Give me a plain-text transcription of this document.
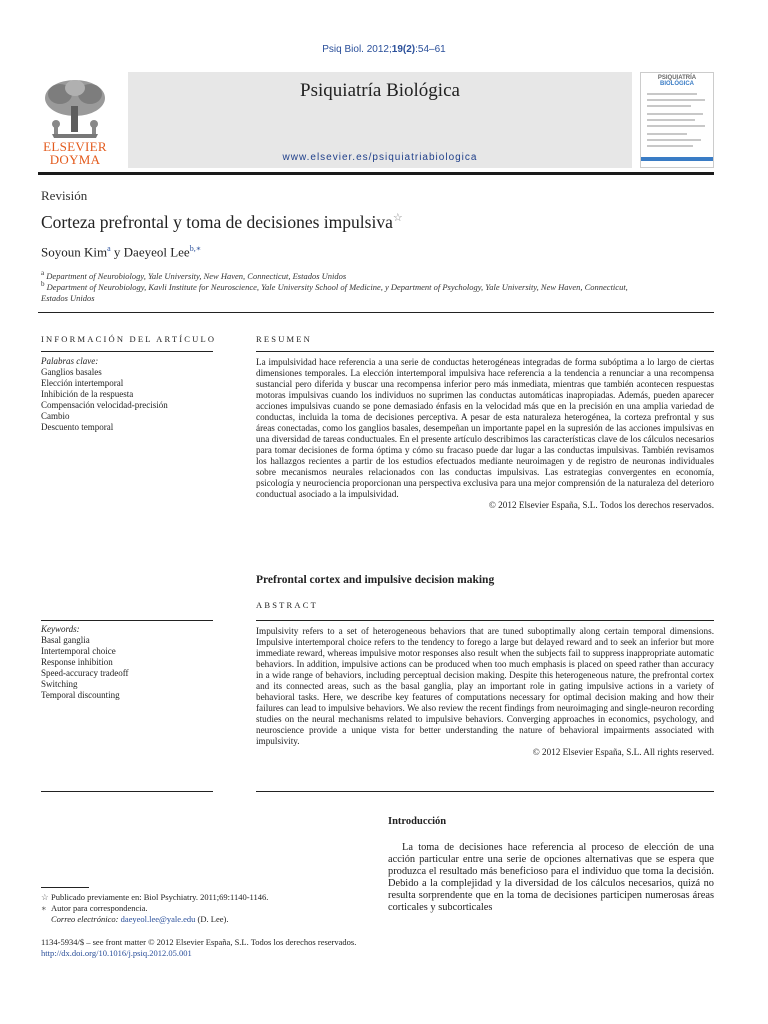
Psiq Biol. 2012;19(2):54–61
ELSEVIER
DOYMA
Psiquiatría Biológica
www.elsevier.es/psiquiatriabiologica
PSIQUIATRÍA
BIOLÓGICA
Revisión
Corteza prefrontal y toma de decisiones impulsiva☆
Soyoun Kim$^a$ y Daeyeol Lee$^{b,∗}$
$^a$ Department of Neurobiology, Yale University, New Haven, Connecticut, Estados Unidos
$^b$ Department of Neurobiology, Kavli Institute for Neuroscience, Yale University School of Medicine, y Department of Psychology, Yale University, New Haven, Connecticut, Estados Unidos
INFORMACIÓN DEL ARTÍCULO	RESUMEN
Palabras clave:
Ganglios basales
Elección intertemporal
Inhibición de la respuesta
Compensación velocidad-precisión
Cambio
Descuento temporal
La impulsividad hace referencia a una serie de conductas heterogéneas integradas de forma subóptima a lo largo de ciertas dimensiones temporales. La elección intertemporal impulsiva hace referencia a la tendencia a renunciar a una recompensa sustancial pero diferida y buscar una recompensa inferior pero más inmediata, mientras que también acontecen respuestas motoras impulsivas cuando los individuos no suprimen las conductas automáticas inapropiadas. Además, pueden aparecer acciones impulsivas cuando se pone demasiado énfasis en la velocidad más que en la precisión en una amplia variedad de conductas, incluida la toma de decisiones perceptiva. A pesar de esta naturaleza heterogénea, la corteza prefrontal y sus áreas conectadas, como los ganglios basales, desempeñan un importante papel en la supresión de las acciones impulsivas en una diversidad de tareas conductuales. En el presente artículo describimos las características clave de los cálculos necesarios para tomar decisiones de forma óptima y cómo su fracaso puede dar lugar a las conductas impulsivas. También revisamos los hallazgos recientes a partir de los estudios efectuados mediante neuroimagen y de registro de neuronas individuales sobre mecanismos neurales relacionados con las conductas impulsivas. Las estrategias convergentes en economía, psicología y neurociencia proporcionan una perspectiva exclusiva para una mejor comprensión de la naturaleza del deterioro conductual asociado a la impulsividad.
© 2012 Elsevier España, S.L. Todos los derechos reservados.
Prefrontal cortex and impulsive decision making
ABSTRACT
Keywords:
Basal ganglia
Intertemporal choice
Response inhibition
Speed-accuracy tradeoff
Switching
Temporal discounting
Impulsivity refers to a set of heterogeneous behaviors that are tuned suboptimally along certain temporal dimensions. Impulsive intertemporal choice refers to the tendency to forego a large but delayed reward and to seek an inferior but more immediate reward, whereas impulsive motor responses also result when the subjects fail to suppress inappropriate automatic behaviors. In addition, impulsive actions can be produced when too much emphasis is placed on speed rather than accuracy in a wide range of behaviors, including perceptual decision making. Despite this heterogeneous nature, the prefrontal cortex and its connected areas, such as the basal ganglia, play an important role in gating impulsive actions in a variety of behavioral tasks. Here, we describe key features of computations necessary for optimal decision making and how their failures can lead to impulsive behaviors. We also review the recent findings from neuroimaging and single-neuron recording studies on the neural mechanisms related to impulsive behaviors. Converging approaches in economics, psychology, and neuroscience provide a unique vista for better understanding the nature of behavioral impairments associated with impulsivity.
© 2012 Elsevier España, S.L. All rights reserved.
Introducción
La toma de decisiones hace referencia al proceso de elección de una acción particular entre una serie de opciones alternativas que se espera que produzca el resultado más beneficioso para el individuo que toma la decisión. Debido a la complejidad y la diversidad de los cálculos necesarios, quizá no resulta sorprendente que en la toma de decisiones participen numerosas áreas corticales y subcorticales
☆ Publicado previamente en: Biol Psychiatry. 2011;69:1140-1146.
∗ Autor para correspondencia.
Correo electrónico: daeyeol.lee@yale.edu (D. Lee).
1134-5934/$ – see front matter © 2012 Elsevier España, S.L. Todos los derechos reservados.
http://dx.doi.org/10.1016/j.psiq.2012.05.001
